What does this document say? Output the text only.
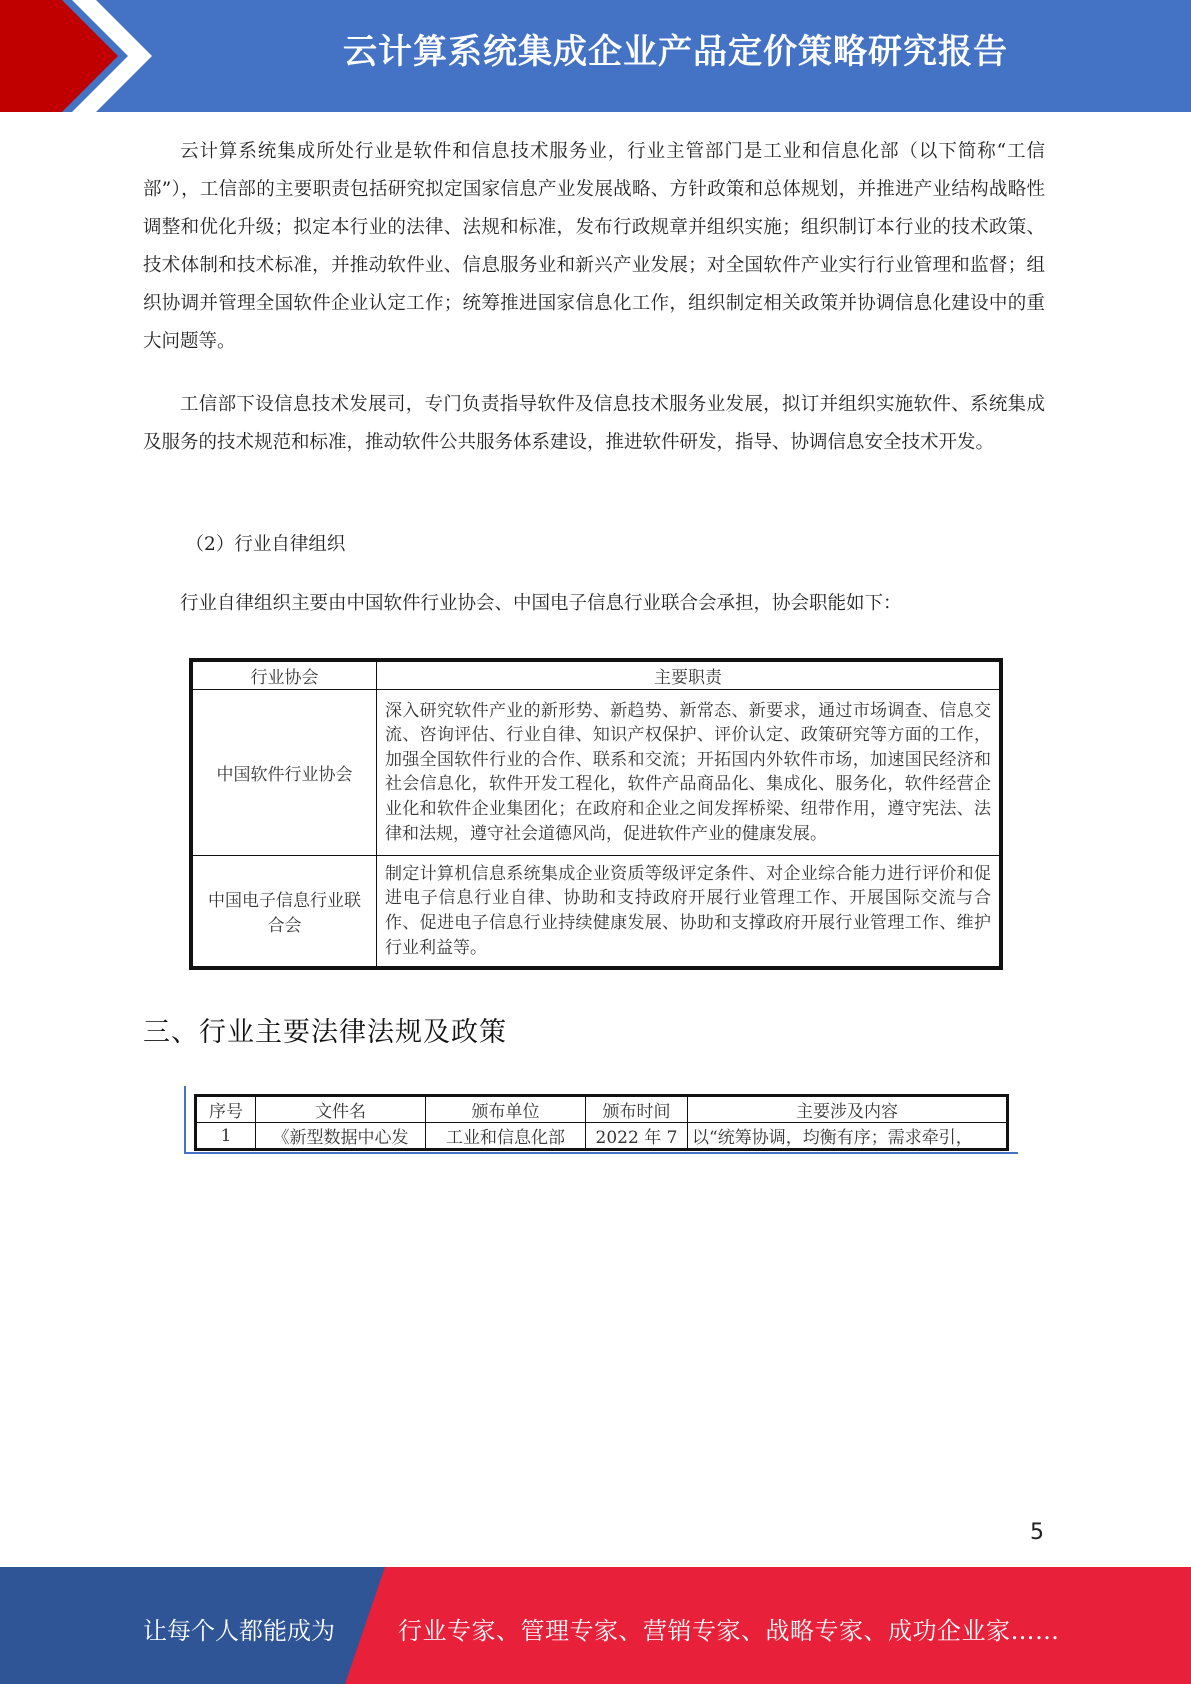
云计算系统集成企业产品定价策略研究报告

云计算系统集成所处行业是软件和信息技术服务业，行业主管部门是工业和信息化部（以下简称“工信部”），工信部的主要职责包括研究拟定国家信息产业发展战略、方针政策和总体规划，并推进产业结构战略性调整和优化升级；拟定本行业的法律、法规和标准，发布行政规章并组织实施；组织制订本行业的技术政策、技术体制和技术标准，并推动软件业、信息服务业和新兴产业发展；对全国软件产业实行行业管理和监督；组织协调并管理全国软件企业认定工作；统筹推进国家信息化工作，组织制定相关政策并协调信息化建设中的重大问题等。

工信部下设信息技术发展司，专门负责指导软件及信息技术服务业发展，拟订并组织实施软件、系统集成及服务的技术规范和标准，推动软件公共服务体系建设，推进软件研发，指导、协调信息安全技术开发。

（2）行业自律组织

行业自律组织主要由中国软件行业协会、中国电子信息行业联合会承担，协会职能如下：

行业协会	主要职责
中国软件行业协会	深入研究软件产业的新形势、新趋势、新常态、新要求，通过市场调查、信息交流、咨询评估、行业自律、知识产权保护、评价认定、政策研究等方面的工作，加强全国软件行业的合作、联系和交流；开拓国内外软件市场，加速国民经济和社会信息化，软件开发工程化，软件产品商品化、集成化、服务化，软件经营企业化和软件企业集团化；在政府和企业之间发挥桥梁、纽带作用，遵守宪法、法律和法规，遵守社会道德风尚，促进软件产业的健康发展。
中国电子信息行业联合会	制定计算机信息系统集成企业资质等级评定条件、对企业综合能力进行评价和促进电子信息行业自律、协助和支持政府开展行业管理工作、开展国际交流与合作、促进电子信息行业持续健康发展、协助和支撑政府开展行业管理工作、维护行业利益等。
三、行业主要法律法规及政策
序号	文件名	颁布单位	颁布时间	主要涉及内容
1	《新型数据中心发	工业和信息化部	2022 年 7	以“统筹协调，均衡有序；需求牵引，
5
让每个人都能成为	行业专家、管理专家、营销专家、战略专家、成功企业家……
